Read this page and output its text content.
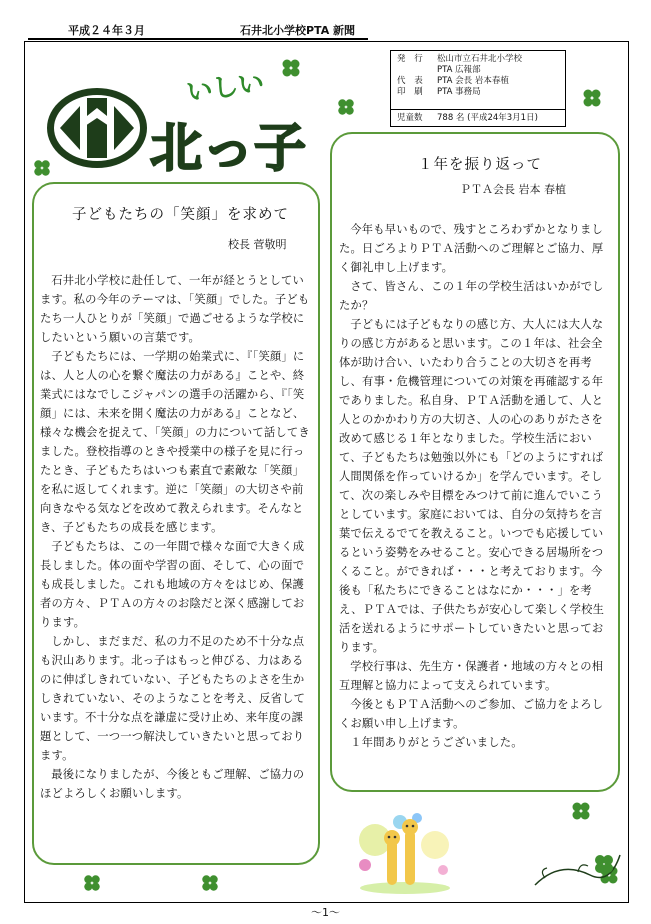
平成２４年３月	石井北小学校PTA 新聞
発 行	松山市立石井北小学校
PTA 広報部
代 表	PTA 会長 岩本春植
印 刷	PTA 事務局
児童数	788 名 (平成24年3月1日)
いしい
北っ子
子どもたちの「笑顔」を求めて
校長 菅敬明

石井北小学校に赴任して、一年が経とうとしています。私の今年のテーマは、「笑顔」でした。子どもたち一人ひとりが「笑顔」で過ごせるような学校にしたいという願いの言葉です。

子どもたちには、一学期の始業式に、『「笑顔」には、人と人の心を繋ぐ魔法の力がある』ことや、終業式にはなでしこジャパンの選手の活躍から、『「笑顔」には、未来を開く魔法の力がある』ことなど、様々な機会を捉えて、「笑顔」の力について話してきました。登校指導のときや授業中の様子を見に行ったとき、子どもたちはいつも素直で素敵な「笑顔」を私に返してくれます。逆に「笑顔」の大切さや前向きなやる気などを改めて教えられます。そんなとき、子どもたちの成長を感じます。

子どもたちは、この一年間で様々な面で大きく成長しました。体の面や学習の面、そして、心の面でも成長しました。これも地域の方々をはじめ、保護者の方々、ＰＴＡの方々のお陰だと深く感謝しております。

しかし、まだまだ、私の力不足のため不十分な点も沢山あります。北っ子はもっと伸びる、力はあるのに伸ばしきれていない、子どもたちのよさを生かしきれていない、そのようなことを考え、反省しています。不十分な点を謙虚に受け止め、来年度の課題として、一つ一つ解決していきたいと思っております。

最後になりましたが、今後ともご理解、ご協力のほどよろしくお願いします。

１年を振り返って
ＰＴＡ会長 岩本 春植

今年も早いもので、残すところわずかとなりました。日ごろよりＰＴＡ活動へのご理解とご協力、厚く御礼申し上げます。

さて、皆さん、この１年の学校生活はいかがでしたか？

子どもには子どもなりの感じ方、大人には大人なりの感じ方があると思います。この１年は、社会全体が助け合い、いたわり合うことの大切さを再考し、有事・危機管理についての対策を再確認する年でありました。私自身、ＰＴＡ活動を通して、人と人とのかかわり方の大切さ、人の心のありがたさを改めて感じる１年となりました。学校生活において、子どもたちは勉強以外にも「どのようにすれば人間関係を作っていけるか」を学んでいます。そして、次の楽しみや目標をみつけて前に進んでいこうとしています。家庭においては、自分の気持ちを言葉で伝えるでてを教えること。いつでも応援しているという姿勢をみせること。安心できる居場所をつくること。ができれば・・・と考えております。今後も「私たちにできることはなにか・・・」を考え、ＰＴＡでは、子供たちが安心して楽しく学校生活を送れるようにサポートしていきたいと思っております。

学校行事は、先生方・保護者・地域の方々との相互理解と協力によって支えられています。

今後ともＰＴＡ活動へのご参加、ご協力をよろしくお願い申し上げます。

１年間ありがとうございました。

～1～
